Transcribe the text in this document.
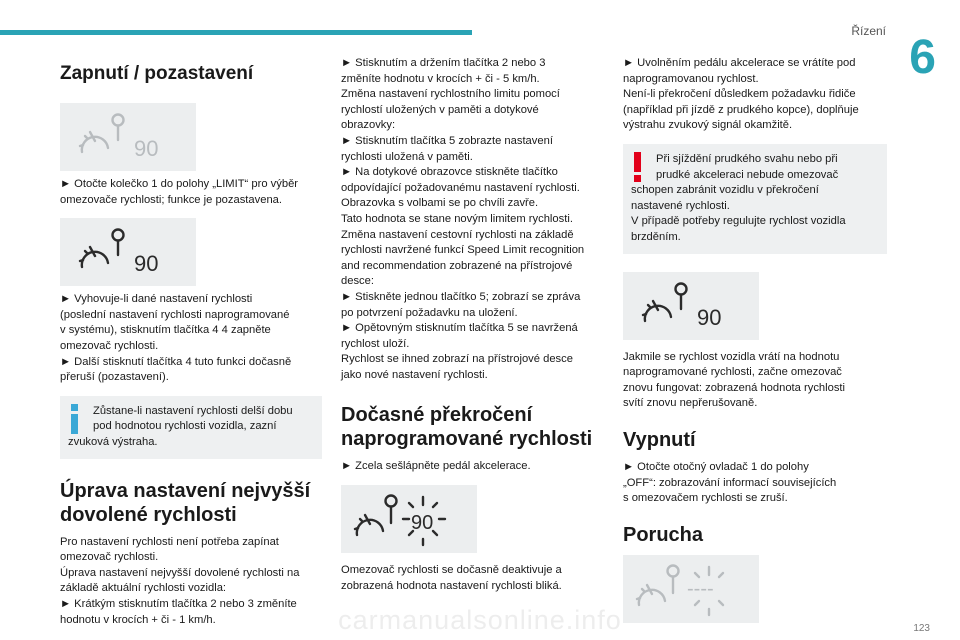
Řízení 6
Zapnutí / pozastavení
90

► Otočte kolečko 1 do polohy „LIMIT“ pro výběr omezovače rychlosti; funkce je pozastavena.

90

► Vyhovuje-li dané nastavení rychlosti
(poslední nastavení rychlosti naprogramované
v systému), stisknutím tlačítka 4 4 zapněte
omezovač rychlosti.
► Další stisknutí tlačítka 4 tuto funkci dočasně
přeruší (pozastavení).

Zůstane-li nastavení rychlosti delší dobu
pod hodnotou rychlosti vozidla, zazní
zvuková výstraha.

Úprava nastavení nejvyšší
dovolené rychlosti

Pro nastavení rychlosti není potřeba zapínat
omezovač rychlosti.
Úprava nastavení nejvyšší dovolené rychlosti na
základě aktuální rychlosti vozidla:
► Krátkým stisknutím tlačítka 2 nebo 3 změníte
hodnotu v krocích + či - 1 km/h.

► Stisknutím a držením tlačítka 2 nebo 3
změníte hodnotu v krocích + či - 5 km/h.
Změna nastavení rychlostního limitu pomocí
rychlostí uložených v paměti a dotykové
obrazovky:
► Stisknutím tlačítka 5 zobrazte nastavení
rychlosti uložená v paměti.
► Na dotykové obrazovce stiskněte tlačítko
odpovídající požadovanému nastavení rychlosti.
Obrazovka s volbami se po chvíli zavře.
Tato hodnota se stane novým limitem rychlosti.
Změna nastavení cestovní rychlosti na základě
rychlosti navržené funkcí Speed Limit recognition
and recommendation zobrazené na přístrojové
desce:
► Stiskněte jednou tlačítko 5; zobrazí se zpráva
po potvrzení požadavku na uložení.
► Opětovným stisknutím tlačítka 5 se navržená
rychlost uloží.
Rychlost se ihned zobrazí na přístrojové desce
jako nové nastavení rychlosti.

Dočasné překročení
naprogramované rychlosti

► Zcela sešlápněte pedál akcelerace.

90

Omezovač rychlosti se dočasně deaktivuje a
zobrazená hodnota nastavení rychlosti bliká.

► Uvolněním pedálu akcelerace se vrátíte pod
naprogramovanou rychlost.
Není-li překročení důsledkem požadavku řidiče
(například při jízdě z prudkého kopce), doplňuje
výstrahu zvukový signál okamžitě.

Při sjíždění prudkého svahu nebo při
prudké akceleraci nebude omezovač
schopen zabránit vozidlu v překročení
nastavené rychlosti.
V případě potřeby regulujte rychlost vozidla
brzděním.

90

Jakmile se rychlost vozidla vrátí na hodnotu
naprogramované rychlosti, začne omezovač
znovu fungovat: zobrazená hodnota rychlosti
svítí znovu nepřerušovaně.

Vypnutí

► Otočte otočný ovladač 1 do polohy
„OFF“: zobrazování informací souvisejících
s omezovačem rychlosti se zruší.

Porucha
----
carmanualsonline.info	123
